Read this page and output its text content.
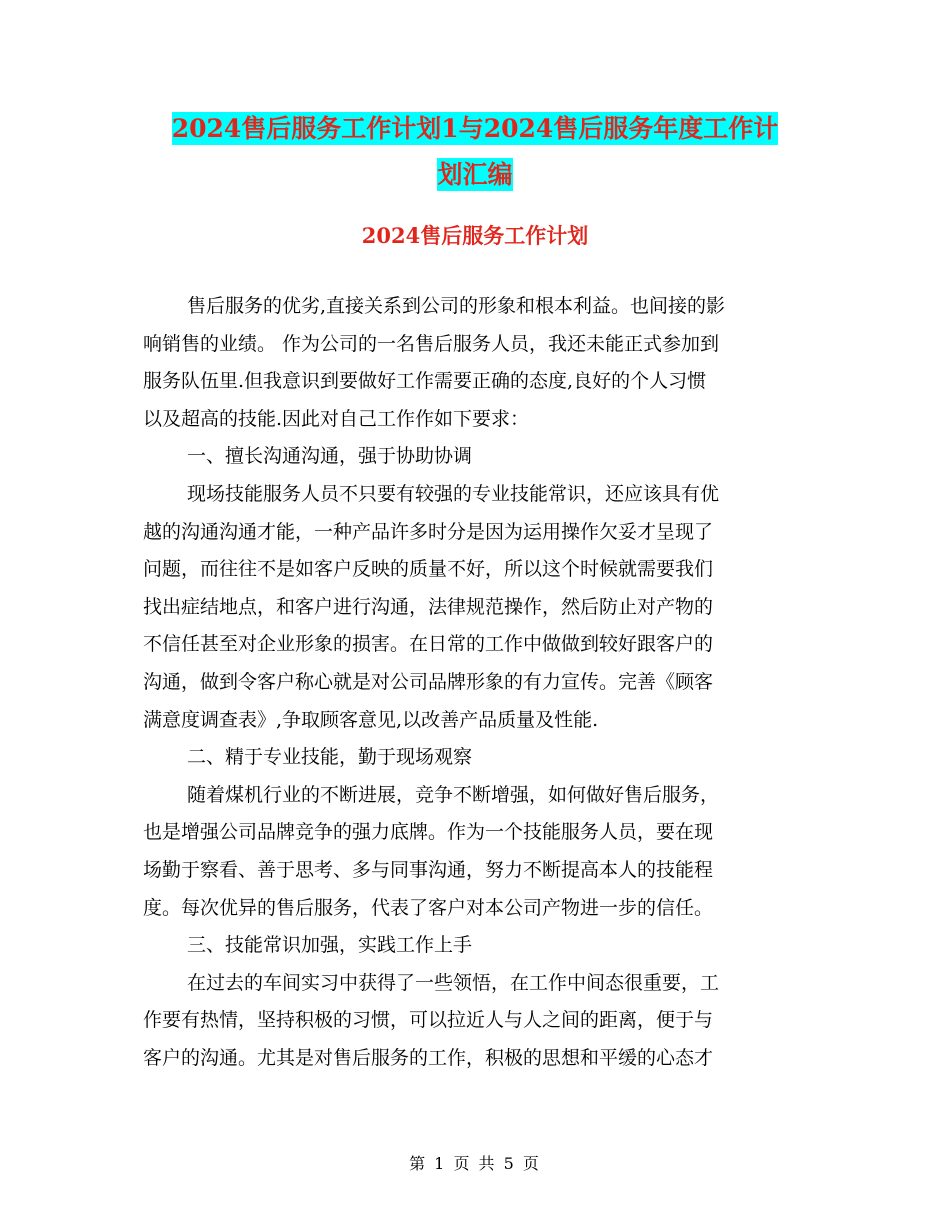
2024售后服务工作计划1与2024售后服务年度工作计
划汇编
2024售后服务工作计划
售后服务的优劣,直接关系到公司的形象和根本利益。也间接的影
响销售的业绩。 作为公司的一名售后服务人员，我还未能正式参加到
服务队伍里.但我意识到要做好工作需要正确的态度,良好的个人习惯
以及超高的技能.因此对自己工作作如下要求：
一、擅长沟通沟通，强于协助协调
现场技能服务人员不只要有较强的专业技能常识，还应该具有优
越的沟通沟通才能，一种产品许多时分是因为运用操作欠妥才呈现了
问题，而往往不是如客户反映的质量不好，所以这个时候就需要我们
找出症结地点，和客户进行沟通，法律规范操作，然后防止对产物的
不信任甚至对企业形象的损害。在日常的工作中做做到较好跟客户的
沟通，做到令客户称心就是对公司品牌形象的有力宣传。完善《顾客
满意度调查表》,争取顾客意见,以改善产品质量及性能.
二、精于专业技能，勤于现场观察
随着煤机行业的不断进展，竞争不断增强，如何做好售后服务，
也是增强公司品牌竞争的强力底牌。作为一个技能服务人员，要在现
场勤于察看、善于思考、多与同事沟通，努力不断提高本人的技能程
度。每次优异的售后服务，代表了客户对本公司产物进一步的信任。
三、技能常识加强，实践工作上手
在过去的车间实习中获得了一些领悟，在工作中间态很重要，工
作要有热情，坚持积极的习惯，可以拉近人与人之间的距离，便于与
客户的沟通。尤其是对售后服务的工作，积极的思想和平缓的心态才
第 1 页 共 5 页
